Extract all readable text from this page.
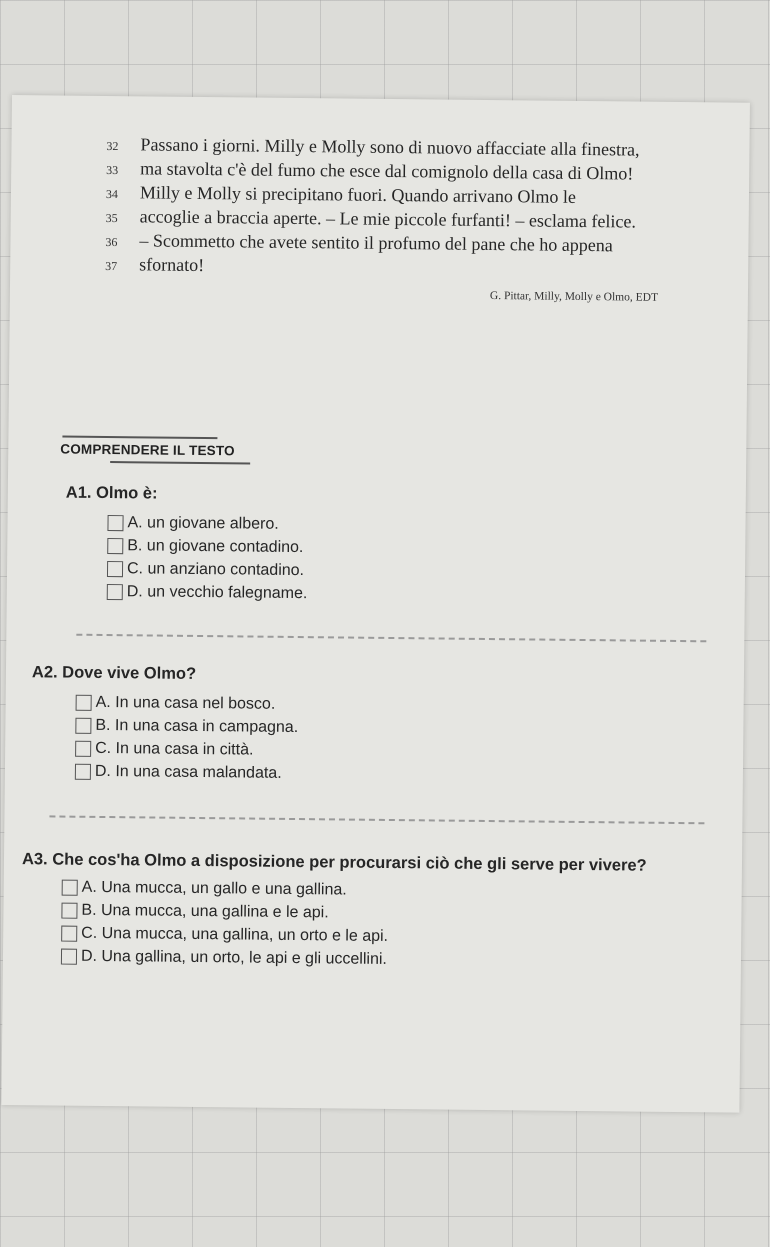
32	Passano i giorni. Milly e Molly sono di nuovo affacciate alla finestra,
33	ma stavolta c'è del fumo che esce dal comignolo della casa di Olmo!
34	Milly e Molly si precipitano fuori. Quando arrivano Olmo le
35	accoglie a braccia aperte. – Le mie piccole furfanti! – esclama felice.
36	– Scommetto che avete sentito il profumo del pane che ho appena
37	sfornato!
G. Pittar, Milly, Molly e Olmo, EDT
COMPRENDERE IL TESTO
A1. Olmo è:
A. un giovane albero.
B. un giovane contadino.
C. un anziano contadino.
D. un vecchio falegname.
A2. Dove vive Olmo?
A. In una casa nel bosco.
B. In una casa in campagna.
C. In una casa in città.
D. In una casa malandata.
A3. Che cos'ha Olmo a disposizione per procurarsi ciò che gli serve per vivere?
A. Una mucca, un gallo e una gallina.
B. Una mucca, una gallina e le api.
C. Una mucca, una gallina, un orto e le api.
D. Una gallina, un orto, le api e gli uccellini.
